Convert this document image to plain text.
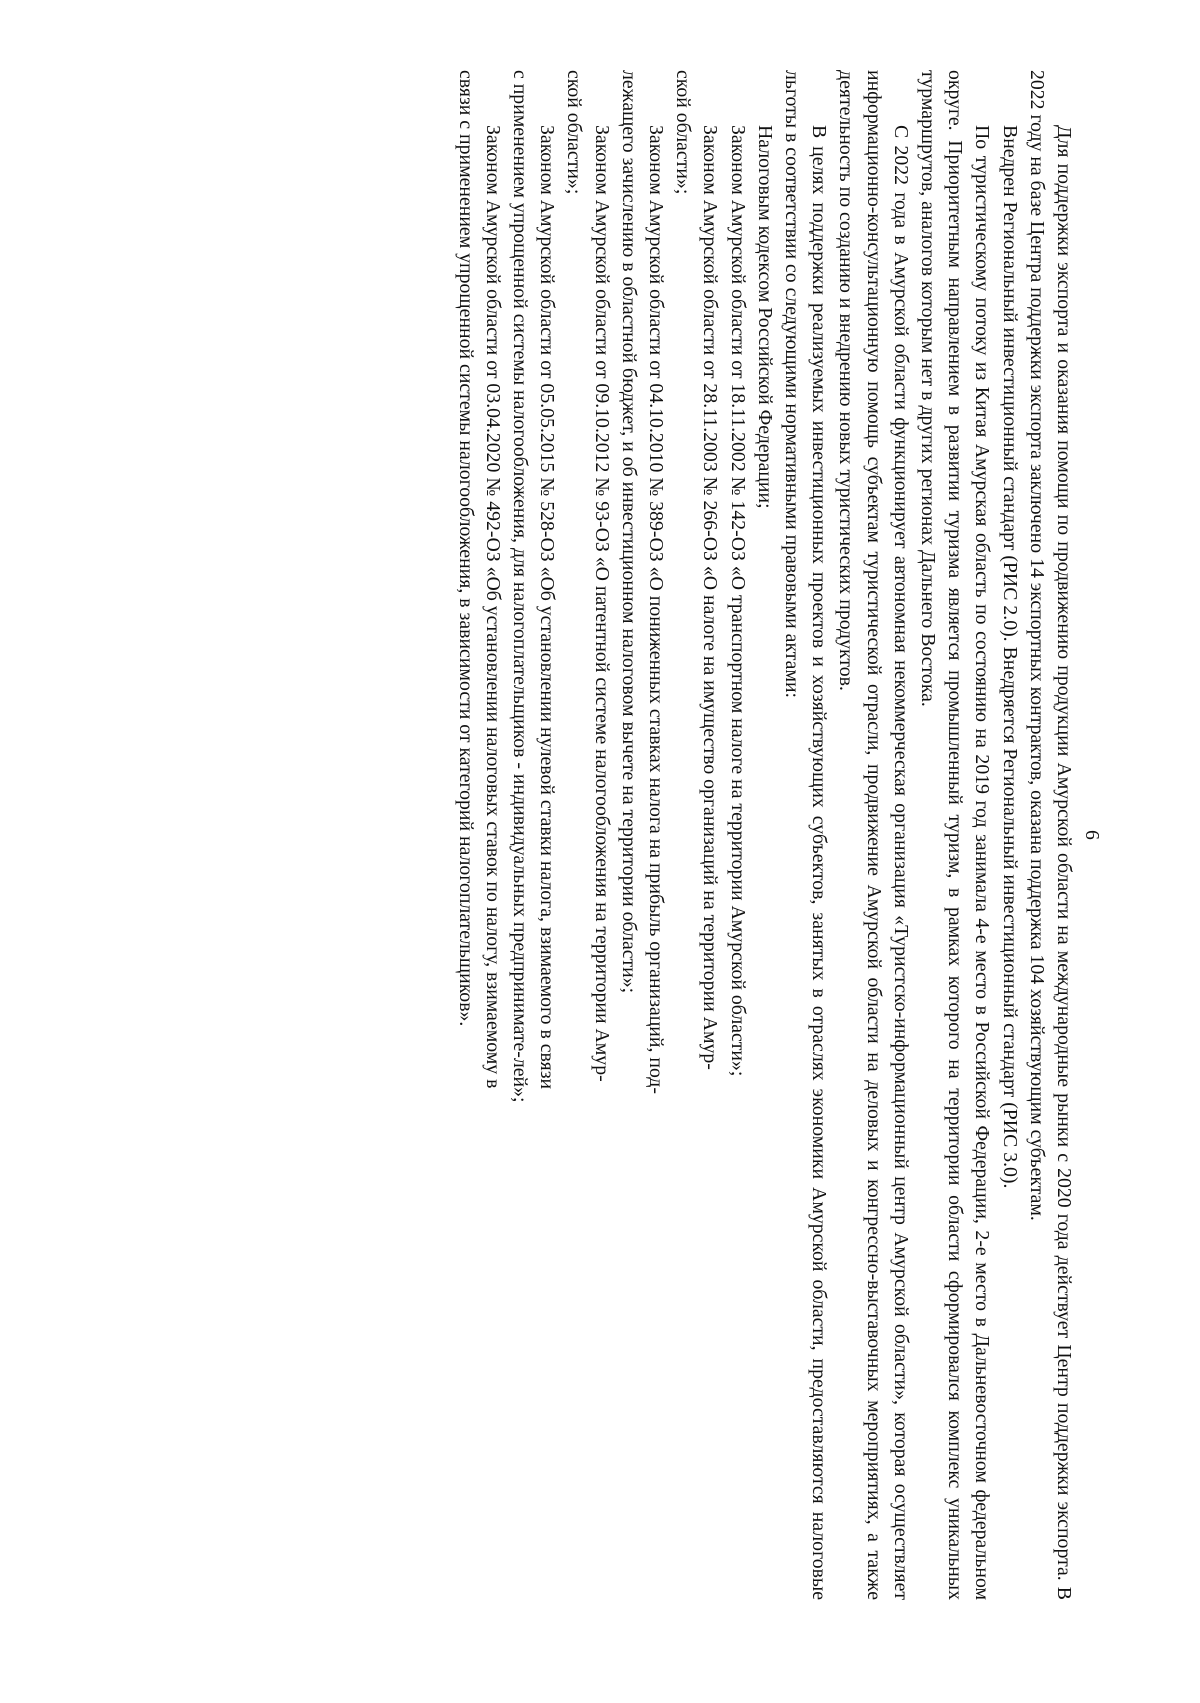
6

Для поддержки экспорта и оказания помощи по продвижению продукции Амурской области на международные рынки с 2020 года действует Центр поддержки экспорта. В 2022 году на базе Центра поддержки экспорта заключено 14 экспортных контрактов, оказана поддержка 104 хозяйствующим субъектам.

Внедрен Региональный инвестиционный стандарт (РИС 2.0). Внедряется Региональный инвестиционный стандарт (РИС 3.0).

По туристическому потоку из Китая Амурская область по состоянию на 2019 год занимала 4-е место в Российской Федерации, 2-е место в Дальневосточном федеральном округе. Приоритетным направлением в развитии туризма является промышленный туризм, в рамках которого на территории области сформировался комплекс уникальных турмаршрутов, аналогов которым нет в других регионах Дальнего Востока.

С 2022 года в Амурской области функционирует автономная некоммерческая организация «Туристско-информационный центр Амурской области», которая осуществляет информационно-консультационную помощь субъектам туристической отрасли, продвижение Амурской области на деловых и конгрессно-выставочных мероприятиях, а также деятельность по созданию и внедрению новых туристических продуктов.

В целях поддержки реализуемых инвестиционных проектов и хозяйствующих субъектов, занятых в отраслях экономики Амурской области, предоставляются налоговые льготы в соответствии со следующими нормативными правовыми актами:

Налоговым кодексом Российской Федерации;

Законом Амурской области от 18.11.2002 № 142-ОЗ «О транспортном налоге на территории Амурской области»;

Законом Амурской области от 28.11.2003 № 266-ОЗ «О налоге на имущество организаций на территории Амур-
ской области»;

Законом Амурской области от 04.10.2010 № 389-ОЗ «О пониженных ставках налога на прибыль организаций, под-
лежащего зачислению в областной бюджет, и об инвестиционном налоговом вычете на территории области»;

Законом Амурской области от 09.10.2012 № 93-ОЗ «О патентной системе налогообложения на территории Амур-
ской области»;

Законом Амурской области от 05.05.2015 № 528-ОЗ «Об установлении нулевой ставки налога, взимаемого в связи
с применением упрощенной системы налогообложения, для налогоплательщиков - индивидуальных предпринимате-лей»;

Законом Амурской области от 03.04.2020 № 492-ОЗ «Об установлении налоговых ставок по налогу, взимаемому в
связи с применением упрощенной системы налогообложения, в зависимости от категорий налогоплательщиков».
